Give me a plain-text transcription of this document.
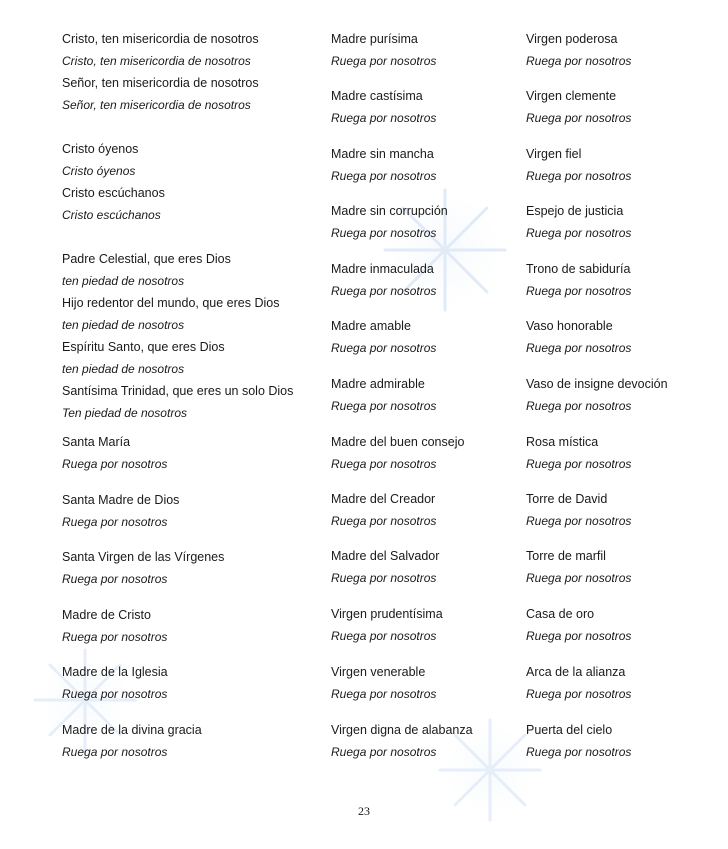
Cristo, ten misericordia de nosotros
Cristo, ten misericordia de nosotros
Señor, ten misericordia de nosotros
Señor, ten misericordia de nosotros
Cristo óyenos
Cristo óyenos
Cristo escúchanos
Cristo escúchanos
Padre Celestial, que eres Dios
ten piedad de nosotros
Hijo redentor del mundo, que eres Dios
ten piedad de nosotros
Espíritu Santo, que eres Dios
ten piedad de nosotros
Santísima Trinidad, que eres un solo Dios
Ten piedad de nosotros
Santa María
Ruega por nosotros
Santa Madre de Dios
Ruega por nosotros
Santa Virgen de las Vírgenes
Ruega por nosotros
Madre de Cristo
Ruega por nosotros
Madre de la Iglesia
Ruega por nosotros
Madre de la divina gracia
Ruega por nosotros
Madre purísima
Ruega por nosotros
Madre castísima
Ruega por nosotros
Madre sin mancha
Ruega por nosotros
Madre sin corrupción
Ruega por nosotros
Madre inmaculada
Ruega por nosotros
Madre amable
Ruega por nosotros
Madre admirable
Ruega por nosotros
Madre del buen consejo
Ruega por nosotros
Madre del Creador
Ruega por nosotros
Madre del Salvador
Ruega por nosotros
Virgen prudentísima
Ruega por nosotros
Virgen venerable
Ruega por nosotros
Virgen digna de alabanza
Ruega por nosotros
Virgen poderosa
Ruega por nosotros
Virgen clemente
Ruega por nosotros
Virgen fiel
Ruega por nosotros
Espejo de justicia
Ruega por nosotros
Trono de sabiduría
Ruega por nosotros
Vaso honorable
Ruega por nosotros
Vaso de insigne devoción
Ruega por nosotros
Rosa mística
Ruega por nosotros
Torre de David
Ruega por nosotros
Torre de marfil
Ruega por nosotros
Casa de oro
Ruega por nosotros
Arca de la alianza
Ruega por nosotros
Puerta del cielo
Ruega por nosotros
23
